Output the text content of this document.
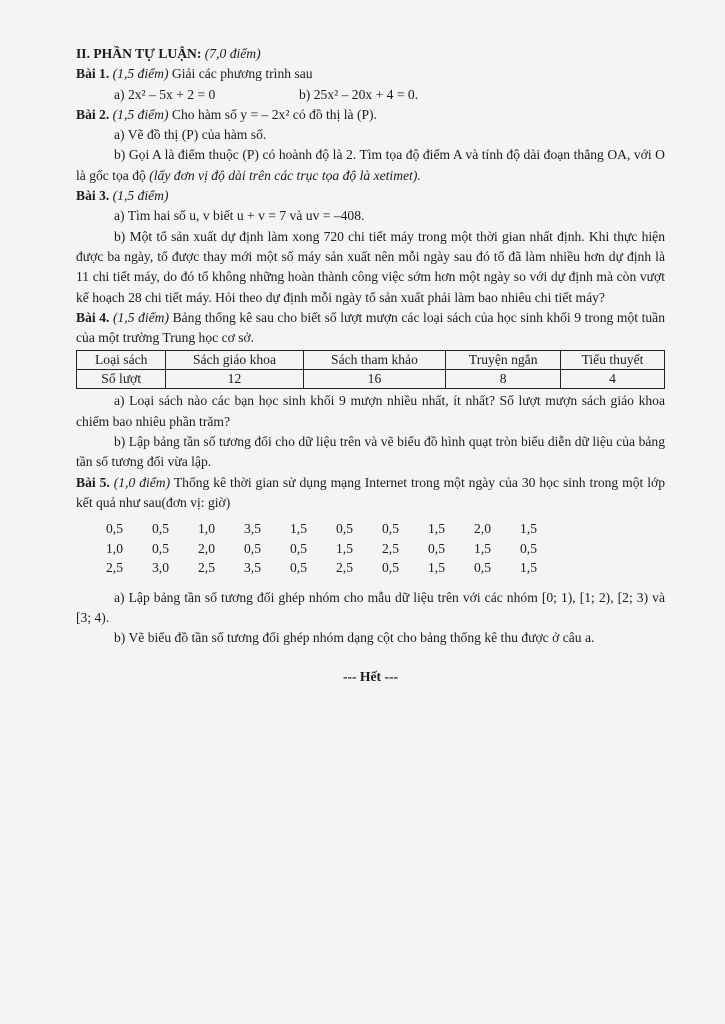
II. PHẦN TỰ LUẬN: (7,0 điểm)

Bài 1. (1,5 điểm) Giải các phương trình sau

a) 2x² – 5x + 2 = 0	b) 25x² – 20x + 4 = 0.

Bài 2. (1,5 điểm) Cho hàm số y = – 2x² có đồ thị là (P).

a) Vẽ đồ thị (P) của hàm số.

b) Gọi A là điểm thuộc (P) có hoành độ là 2. Tìm tọa độ điểm A và tính độ dài đoạn thẳng OA, với O là gốc tọa độ (lấy đơn vị độ dài trên các trục tọa độ là xetimet).

Bài 3. (1,5 điểm)

a) Tìm hai số u, v biết u + v = 7 và uv = –408.

b) Một tổ sản xuất dự định làm xong 720 chi tiết máy trong một thời gian nhất định. Khi thực hiện được ba ngày, tổ được thay mới một số máy sản xuất nên mỗi ngày sau đó tổ đã làm nhiều hơn dự định là 11 chi tiết máy, do đó tổ không những hoàn thành công việc sớm hơn một ngày so với dự định mà còn vượt kế hoạch 28 chi tiết máy. Hỏi theo dự định mỗi ngày tổ sản xuất phải làm bao nhiêu chi tiết máy?

Bài 4. (1,5 điểm) Bảng thống kê sau cho biết số lượt mượn các loại sách của học sinh khối 9 trong một tuần của một trường Trung học cơ sở.

Loại sách	Sách giáo khoa	Sách tham khảo	Truyện ngắn	Tiểu thuyết
Số lượt	12	16	8	4

a) Loại sách nào các bạn học sinh khối 9 mượn nhiều nhất, ít nhất? Số lượt mượn sách giáo khoa chiếm bao nhiêu phần trăm?

b) Lập bảng tần số tương đối cho dữ liệu trên và vẽ biểu đồ hình quạt tròn biểu diễn dữ liệu của bảng tần số tương đối vừa lập.

Bài 5. (1,0 điểm) Thống kê thời gian sử dụng mạng Internet trong một ngày của 30 học sinh trong một lớp kết quả như sau(đơn vị: giờ)

0,5	0,5	1,0	3,5	1,5	0,5	0,5	1,5	2,0	1,5
1,0	0,5	2,0	0,5	0,5	1,5	2,5	0,5	1,5	0,5
2,5	3,0	2,5	3,5	0,5	2,5	0,5	1,5	0,5	1,5

a) Lập bảng tần số tương đối ghép nhóm cho mẫu dữ liệu trên với các nhóm [0; 1), [1; 2), [2; 3) và [3; 4).

b) Vẽ biểu đồ tần số tương đối ghép nhóm dạng cột cho bảng thống kê thu được ở câu a.

--- Hết ---
